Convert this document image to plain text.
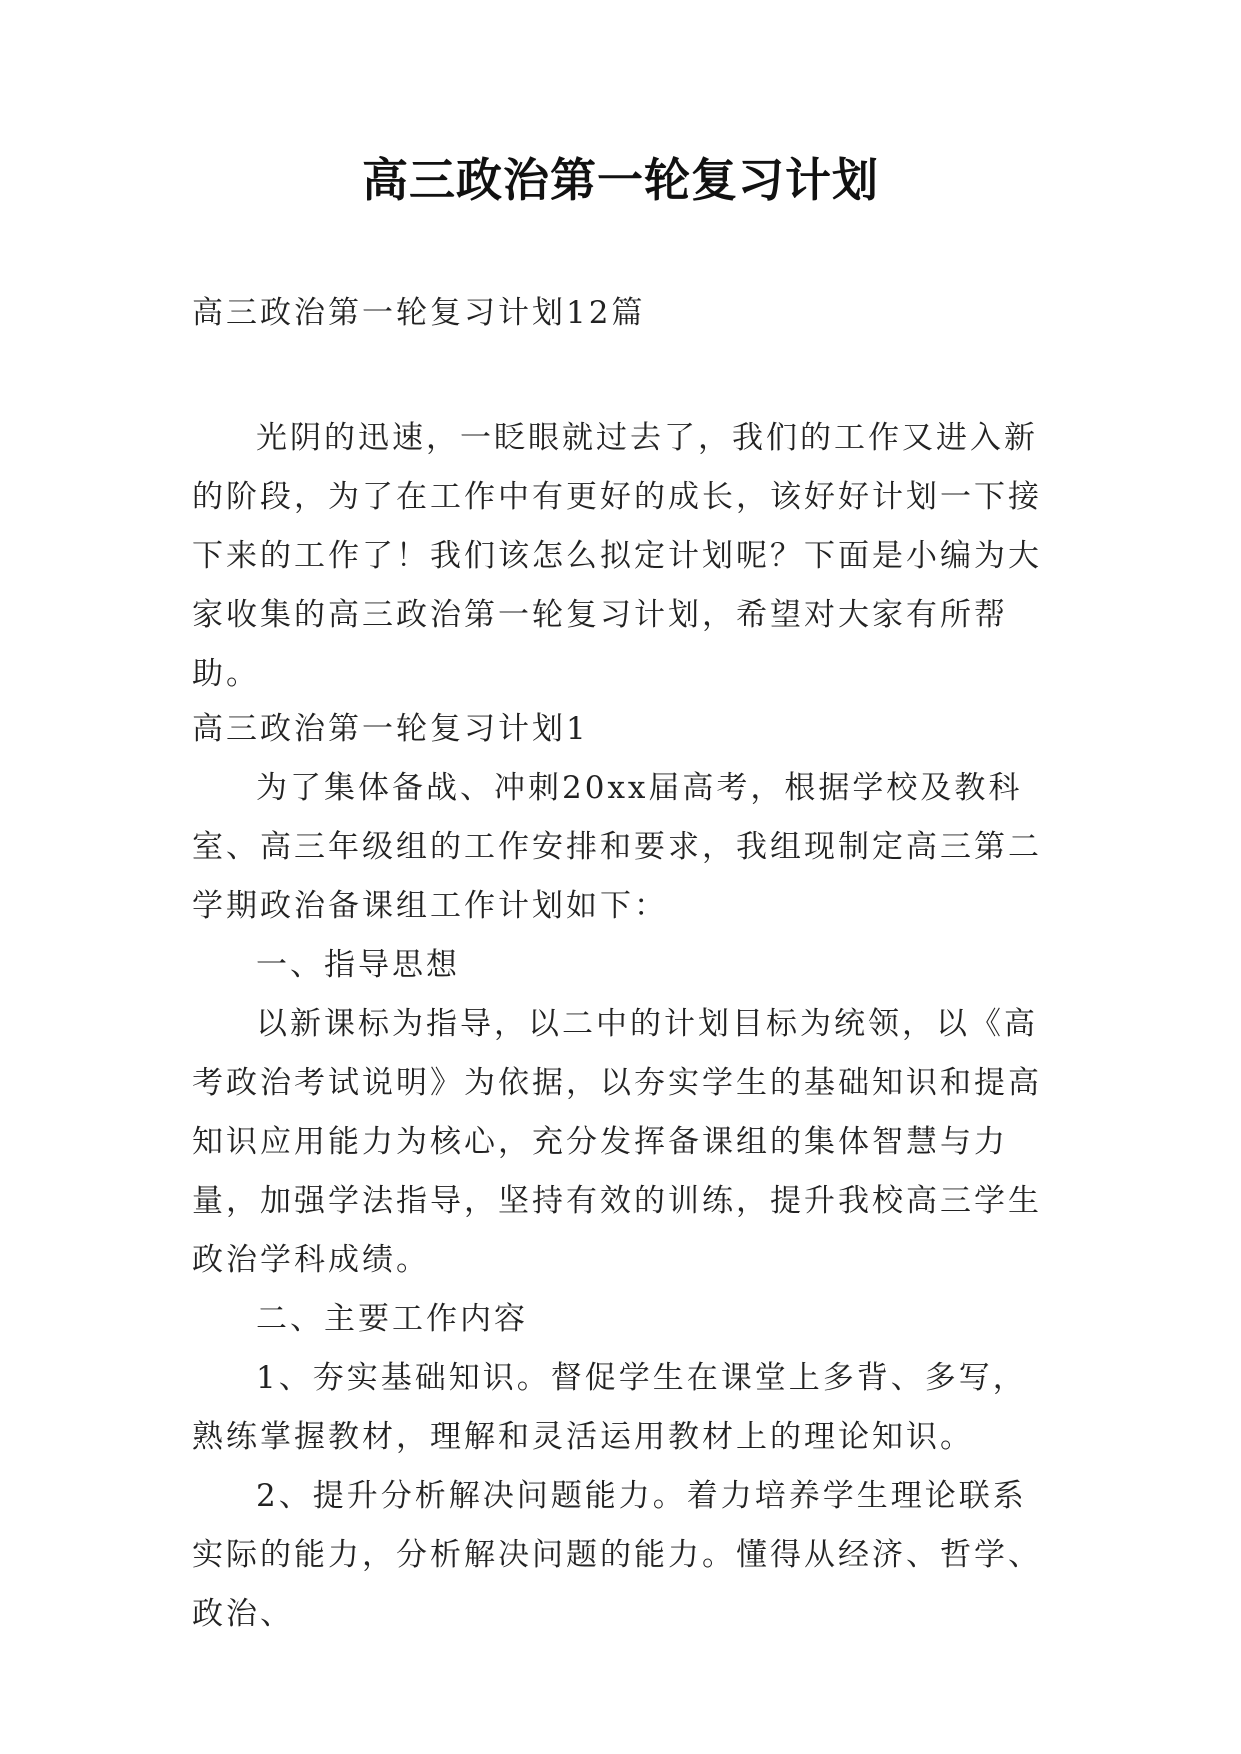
高三政治第一轮复习计划

高三政治第一轮复习计划12篇

光阴的迅速，一眨眼就过去了，我们的工作又进入新的阶段，为了在工作中有更好的成长，该好好计划一下接下来的工作了！我们该怎么拟定计划呢？下面是小编为大家收集的高三政治第一轮复习计划，希望对大家有所帮助。

高三政治第一轮复习计划1

为了集体备战、冲刺20xx届高考，根据学校及教科室、高三年级组的工作安排和要求，我组现制定高三第二学期政治备课组工作计划如下：

一、指导思想

以新课标为指导，以二中的计划目标为统领，以《高考政治考试说明》为依据，以夯实学生的基础知识和提高知识应用能力为核心，充分发挥备课组的集体智慧与力量，加强学法指导，坚持有效的训练，提升我校高三学生政治学科成绩。

二、主要工作内容

1、夯实基础知识。督促学生在课堂上多背、多写，熟练掌握教材，理解和灵活运用教材上的理论知识。

2、提升分析解决问题能力。着力培养学生理论联系实际的能力，分析解决问题的能力。懂得从经济、哲学、政治、
